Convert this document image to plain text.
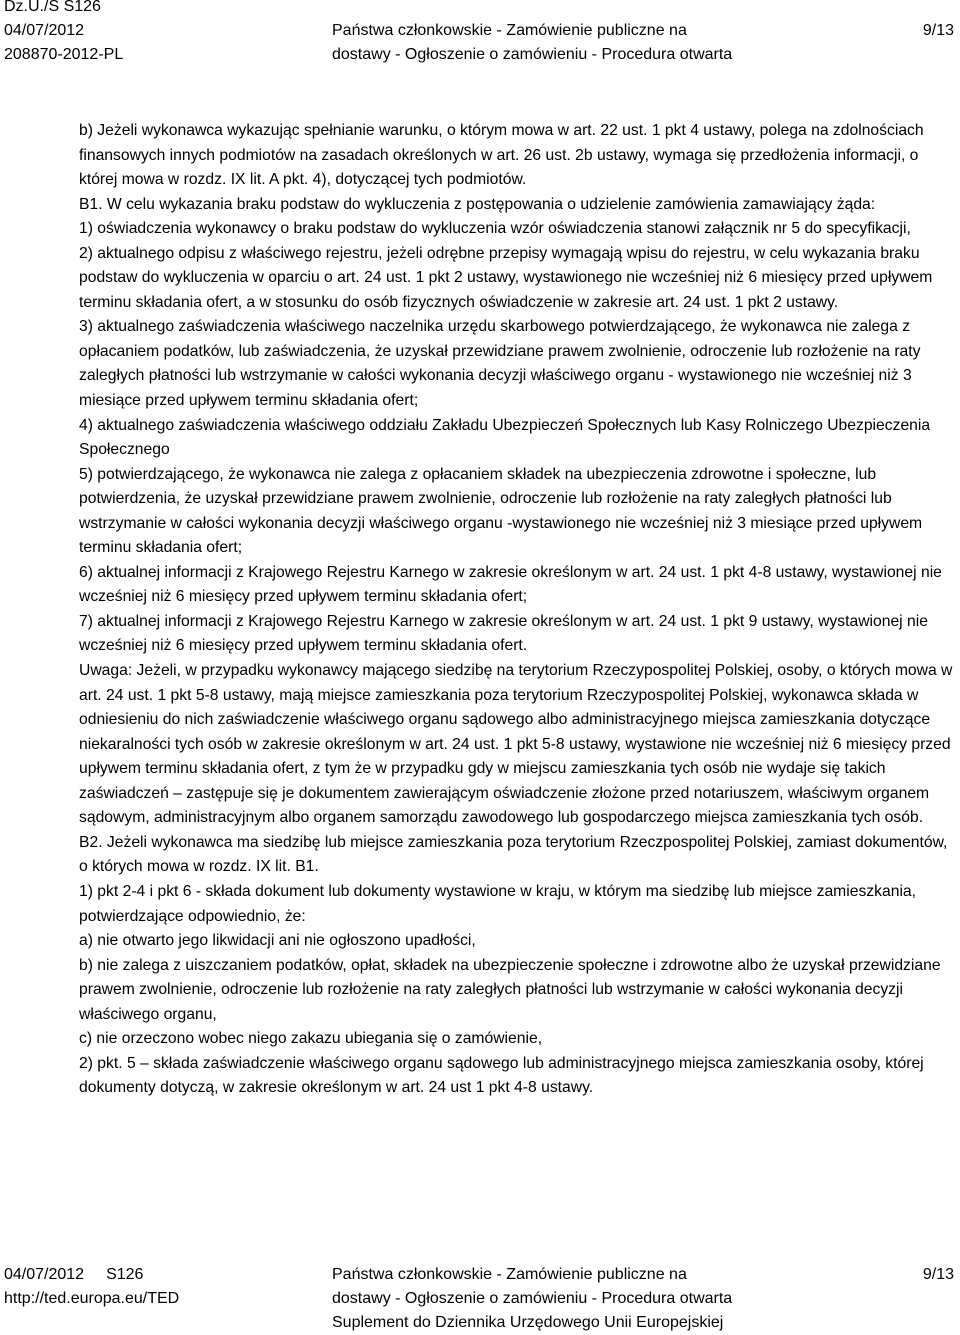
Dz.U./S S126
04/07/2012
208870-2012-PL
Państwa członkowskie - Zamówienie publiczne na
dostawy - Ogłoszenie o zamówieniu - Procedura otwarta
9/13

b) Jeżeli wykonawca wykazując spełnianie warunku, o którym mowa w art. 22 ust. 1 pkt 4 ustawy, polega na zdolnościach finansowych innych podmiotów na zasadach określonych w art. 26 ust. 2b ustawy, wymaga się przedłożenia informacji, o której mowa w rozdz. IX lit. A pkt. 4), dotyczącej tych podmiotów.

B1. W celu wykazania braku podstaw do wykluczenia z postępowania o udzielenie zamówienia zamawiający żąda:

1) oświadczenia wykonawcy o braku podstaw do wykluczenia wzór oświadczenia stanowi załącznik nr 5 do specyfikacji,

2) aktualnego odpisu z właściwego rejestru, jeżeli odrębne przepisy wymagają wpisu do rejestru, w celu wykazania braku podstaw do wykluczenia w oparciu o art. 24 ust. 1 pkt 2 ustawy, wystawionego nie wcześniej niż 6 miesięcy przed upływem terminu składania ofert, a w stosunku do osób fizycznych oświadczenie w zakresie art. 24 ust. 1 pkt 2 ustawy.

3) aktualnego zaświadczenia właściwego naczelnika urzędu skarbowego potwierdzającego, że wykonawca nie zalega z opłacaniem podatków, lub zaświadczenia, że uzyskał przewidziane prawem zwolnienie, odroczenie lub rozłożenie na raty zaległych płatności lub wstrzymanie w całości wykonania decyzji właściwego organu - wystawionego nie wcześniej niż 3 miesiące przed upływem terminu składania ofert;

4) aktualnego zaświadczenia właściwego oddziału Zakładu Ubezpieczeń Społecznych lub Kasy Rolniczego Ubezpieczenia Społecznego

5) potwierdzającego, że wykonawca nie zalega z opłacaniem składek na ubezpieczenia zdrowotne i społeczne, lub potwierdzenia, że uzyskał przewidziane prawem zwolnienie, odroczenie lub rozłożenie na raty zaległych płatności lub wstrzymanie w całości wykonania decyzji właściwego organu -wystawionego nie wcześniej niż 3 miesiące przed upływem terminu składania ofert;

6) aktualnej informacji z Krajowego Rejestru Karnego w zakresie określonym w art. 24 ust. 1 pkt 4-8 ustawy, wystawionej nie wcześniej niż 6 miesięcy przed upływem terminu składania ofert;

7) aktualnej informacji z Krajowego Rejestru Karnego w zakresie określonym w art. 24 ust. 1 pkt 9 ustawy, wystawionej nie wcześniej niż 6 miesięcy przed upływem terminu składania ofert.

Uwaga: Jeżeli, w przypadku wykonawcy mającego siedzibę na terytorium Rzeczypospolitej Polskiej, osoby, o których mowa w art. 24 ust. 1 pkt 5-8 ustawy, mają miejsce zamieszkania poza terytorium Rzeczypospolitej Polskiej, wykonawca składa w odniesieniu do nich zaświadczenie właściwego organu sądowego albo administracyjnego miejsca zamieszkania dotyczące niekaralności tych osób w zakresie określonym w art. 24 ust. 1 pkt 5-8 ustawy, wystawione nie wcześniej niż 6 miesięcy przed upływem terminu składania ofert, z tym że w przypadku gdy w miejscu zamieszkania tych osób nie wydaje się takich zaświadczeń – zastępuje się je dokumentem zawierającym oświadczenie złożone przed notariuszem, właściwym organem sądowym, administracyjnym albo organem samorządu zawodowego lub gospodarczego miejsca zamieszkania tych osób.

B2. Jeżeli wykonawca ma siedzibę lub miejsce zamieszkania poza terytorium Rzeczpospolitej Polskiej, zamiast dokumentów, o których mowa w rozdz. IX lit. B1.

1) pkt 2-4 i pkt 6 - składa dokument lub dokumenty wystawione w kraju, w którym ma siedzibę lub miejsce zamieszkania, potwierdzające odpowiednio, że:

a) nie otwarto jego likwidacji ani nie ogłoszono upadłości,

b) nie zalega z uiszczaniem podatków, opłat, składek na ubezpieczenie społeczne i zdrowotne albo że uzyskał przewidziane prawem zwolnienie, odroczenie lub rozłożenie na raty zaległych płatności lub wstrzymanie w całości wykonania decyzji właściwego organu,

c) nie orzeczono wobec niego zakazu ubiegania się o zamówienie,

2) pkt. 5 – składa zaświadczenie właściwego organu sądowego lub administracyjnego miejsca zamieszkania osoby, której dokumenty dotyczą, w zakresie określonym w art. 24 ust 1 pkt 4-8 ustawy.

04/07/2012 S126
http://ted.europa.eu/TED
Państwa członkowskie - Zamówienie publiczne na
dostawy - Ogłoszenie o zamówieniu - Procedura otwarta
Suplement do Dziennika Urzędowego Unii Europejskiej
9/13
